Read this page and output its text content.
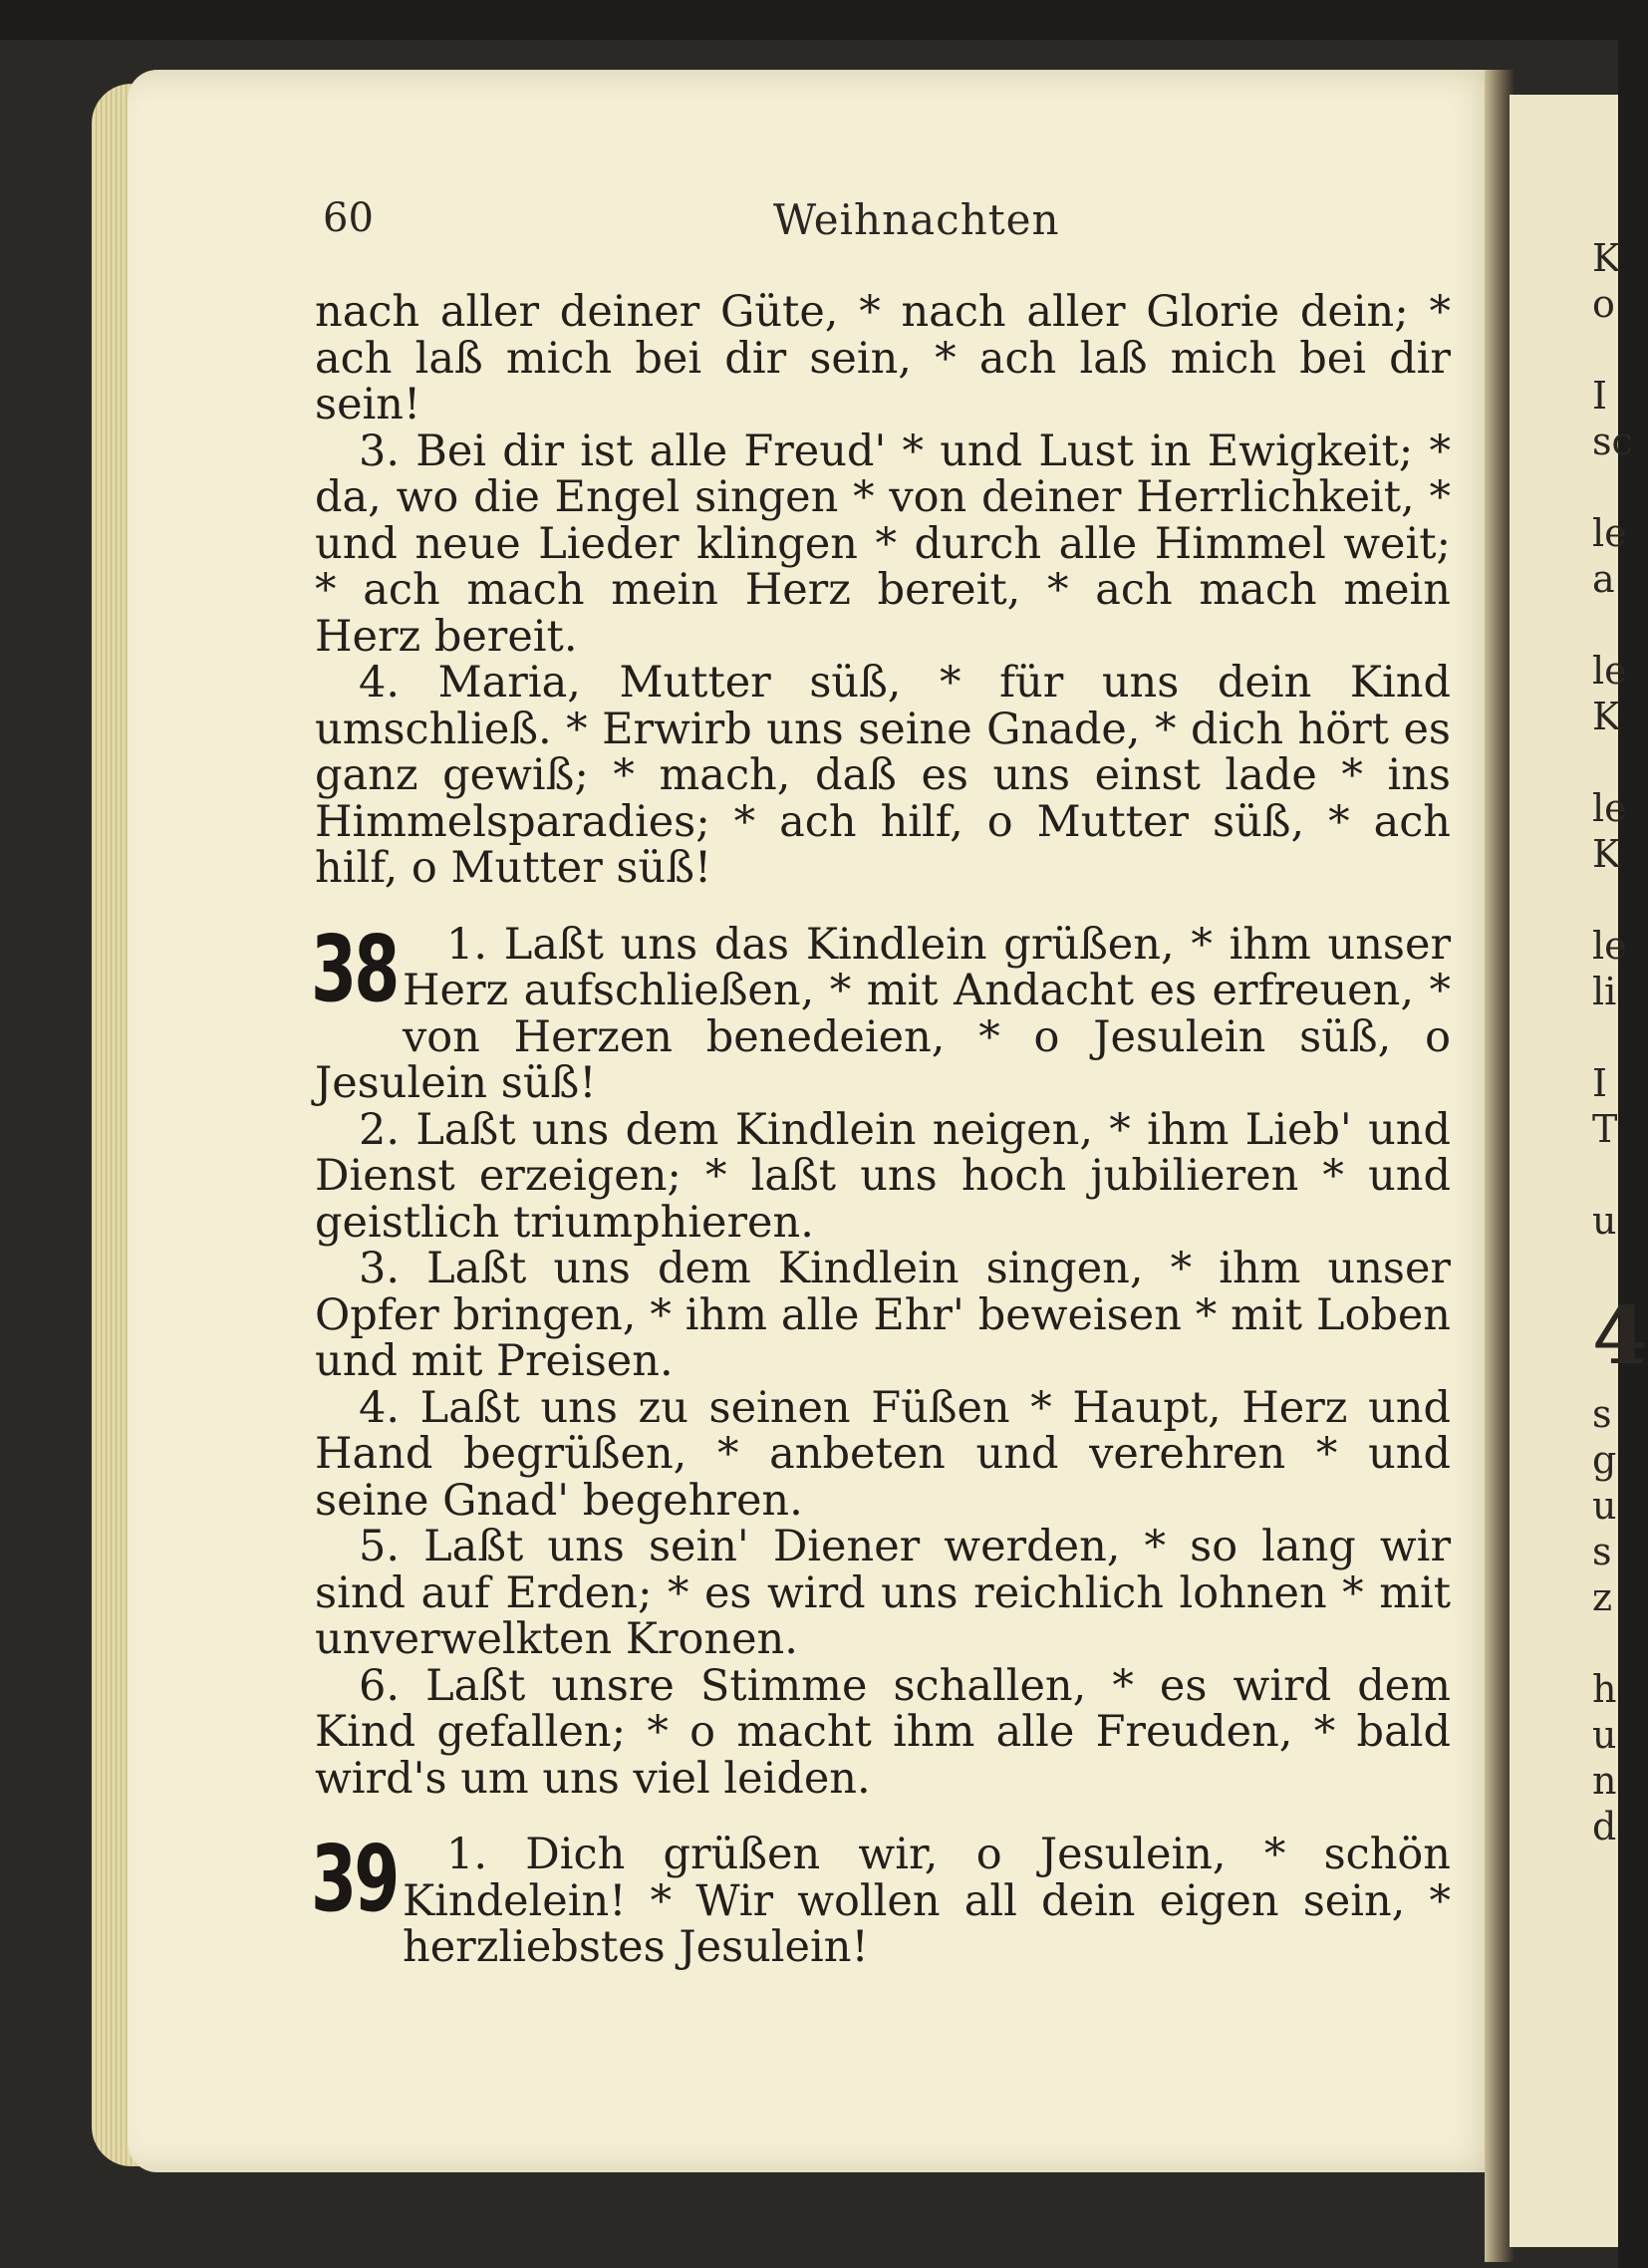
K
o
I
sc
le
a
le
K
le
K
le
li
I
T
u
4
s
g
u
s
z
h
u
n
d
60	Weihnachten

nach aller deiner Güte, * nach aller Glorie dein; * ach laß mich bei dir sein, * ach laß mich bei dir sein!

3. Bei dir ist alle Freud' * und Lust in Ewigkeit; * da, wo die Engel singen * von deiner Herrlichkeit, * und neue Lieder klingen * durch alle Himmel weit; * ach mach mein Herz bereit, * ach mach mein Herz bereit.

4. Maria, Mutter süß, * für uns dein Kind umschließ. * Erwirb uns seine Gnade, * dich hört es ganz gewiß; * mach, daß es uns einst lade * ins Himmelsparadies; * ach hilf, o Mutter süß, * ach hilf, o Mutter süß!

38	1. Laßt uns das Kindlein grüßen, * ihm unser Herz aufschließen, * mit Andacht es erfreuen, * von Herzen benedeien, * o Jesulein süß, o Jesulein süß!

2. Laßt uns dem Kindlein neigen, * ihm Lieb' und Dienst erzeigen; * laßt uns hoch jubilieren * und geistlich triumphieren.

3. Laßt uns dem Kindlein singen, * ihm unser Opfer bringen, * ihm alle Ehr' beweisen * mit Loben und mit Preisen.

4. Laßt uns zu seinen Füßen * Haupt, Herz und Hand begrüßen, * anbeten und verehren * und seine Gnad' begehren.

5. Laßt uns sein' Diener werden, * so lang wir sind auf Erden; * es wird uns reichlich lohnen * mit unverwelkten Kronen.

6. Laßt unsre Stimme schallen, * es wird dem Kind gefallen; * o macht ihm alle Freuden, * bald wird's um uns viel leiden.

39	1. Dich grüßen wir, o Jesulein, * schön Kindelein! * Wir wollen all dein eigen sein, * herzliebstes Jesulein!
